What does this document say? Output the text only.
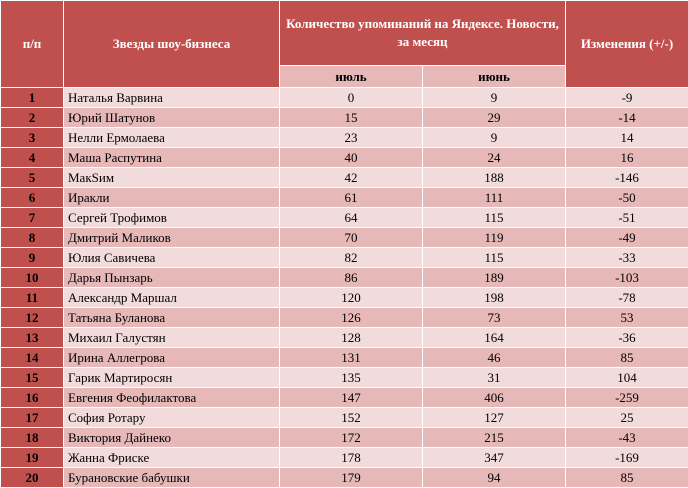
п/п	Звезды шоу-бизнеса	Количество упоминаний на Яндексе. Новости, за месяц		Изменения (+/-)
		июль	июнь	
1	Наталья Варвина	0	9	-9
2	Юрий Шатунов	15	29	-14
3	Нелли Ермолаева	23	9	14
4	Маша Распутина	40	24	16
5	МакSим	42	188	-146
6	Иракли	61	111	-50
7	Сергей Трофимов	64	115	-51
8	Дмитрий Маликов	70	119	-49
9	Юлия Савичева	82	115	-33
10	Дарья Пынзарь	86	189	-103
11	Александр Маршал	120	198	-78
12	Татьяна Буланова	126	73	53
13	Михаил Галустян	128	164	-36
14	Ирина Аллегрова	131	46	85
15	Гарик Мартиросян	135	31	104
16	Евгения Феофилактова	147	406	-259
17	София Ротару	152	127	25
18	Виктория Дайнеко	172	215	-43
19	Жанна Фриске	178	347	-169
20	Бурановские бабушки	179	94	85
